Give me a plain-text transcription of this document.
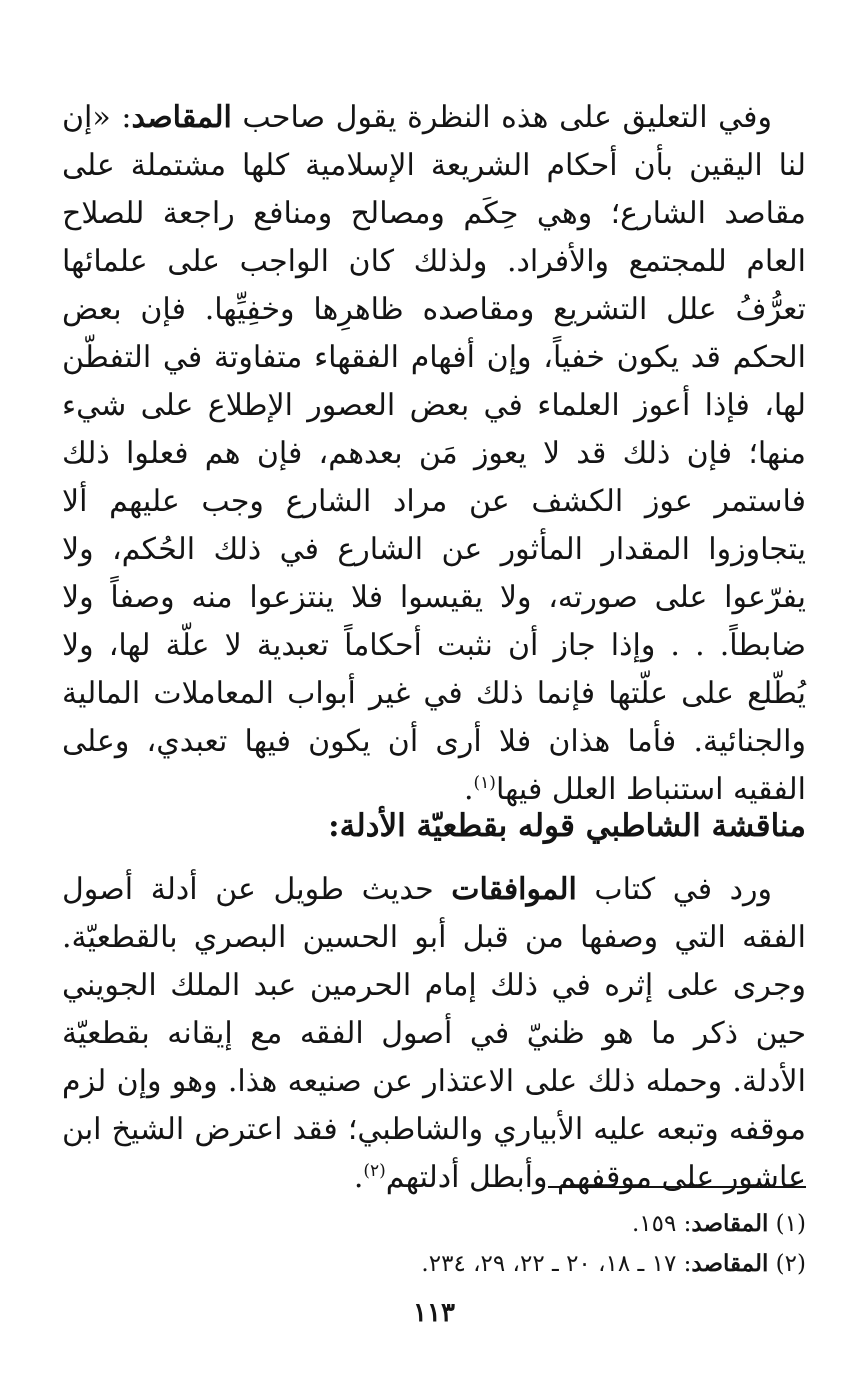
وفي التعليق على هذه النظرة يقول صاحب المقاصد: «إن لنا اليقين بأن أحكام الشريعة الإسلامية كلها مشتملة على مقاصد الشارع؛ وهي حِكَم ومصالح ومنافع راجعة للصلاح العام للمجتمع والأفراد. ولذلك كان الواجب على علمائها تعرُّفُ علل التشريع ومقاصده ظاهرِها وخفِيِّها. فإن بعض الحكم قد يكون خفياً، وإن أفهام الفقهاء متفاوتة في التفطّن لها، فإذا أعوز العلماء في بعض العصور الإطلاع على شيء منها؛ فإن ذلك قد لا يعوز مَن بعدهم، فإن هم فعلوا ذلك فاستمر عوز الكشف عن مراد الشارع وجب عليهم ألا يتجاوزوا المقدار المأثور عن الشارع في ذلك الحُكم، ولا يفرّعوا على صورته، ولا يقيسوا فلا ينتزعوا منه وصفاً ولا ضابطاً. . . وإذا جاز أن نثبت أحكاماً تعبدية لا علّة لها، ولا يُطّلع على علّتها فإنما ذلك في غير أبواب المعاملات المالية والجنائية. فأما هذان فلا أرى أن يكون فيها تعبدي، وعلى الفقيه استنباط العلل فيها$^{(١)}$.

مناقشة الشاطبي قوله بقطعيّة الأدلة:

ورد في كتاب الموافقات حديث طويل عن أدلة أصول الفقه التي وصفها من قبل أبو الحسين البصري بالقطعيّة. وجرى على إثره في ذلك إمام الحرمين عبد الملك الجويني حين ذكر ما هو ظنيّ في أصول الفقه مع إيقانه بقطعيّة الأدلة. وحمله ذلك على الاعتذار عن صنيعه هذا. وهو وإن لزم موقفه وتبعه عليه الأبياري والشاطبي؛ فقد اعترض الشيخ ابن عاشور على موقفهم وأبطل أدلتهم$^{(٢)}$.

(١) المقاصد: ١٥٩.
(٢) المقاصد: ١٧ ـ ١٨، ٢٠ ـ ٢٢، ٢٩، ٢٣٤.
١١٣
